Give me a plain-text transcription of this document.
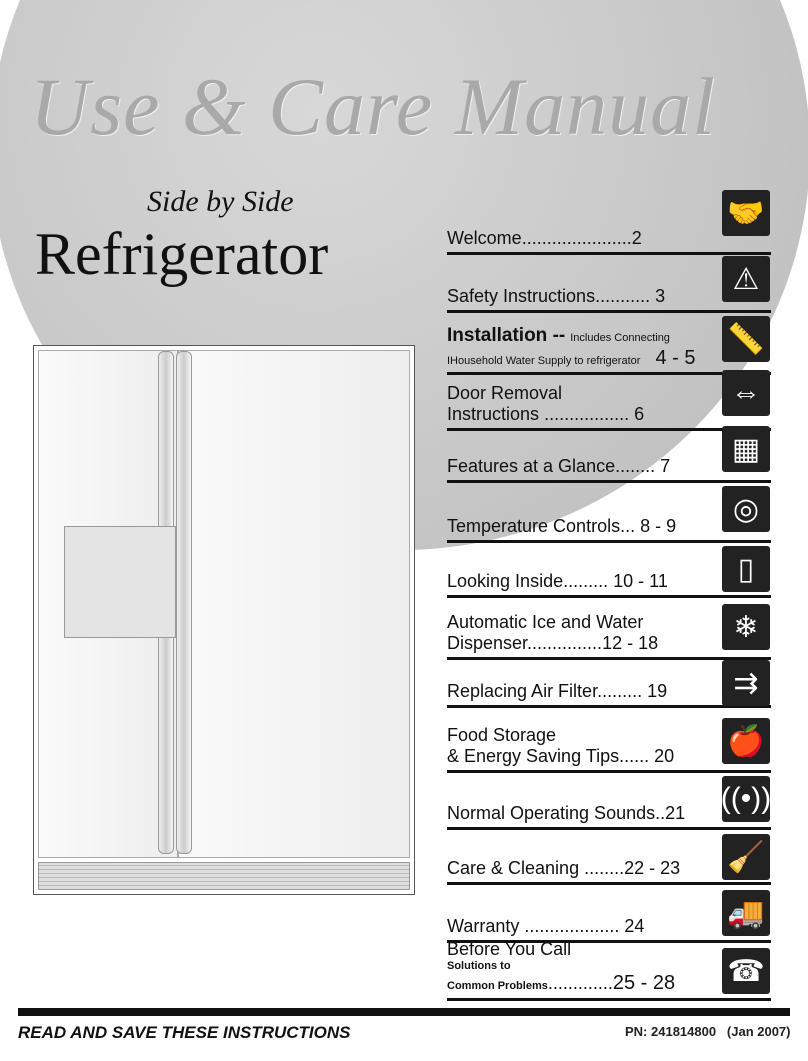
Use & Care Manual
Side by Side
Refrigerator	Welcome......................2
🤝
Safety Instructions........... 3
⚠
Installation -- Includes Connecting
IHousehold Water Supply to refrigerator 4 - 5
📏
Door Removal
Instructions ................. 6
⇔
Features at a Glance........ 7
▦
Temperature Controls... 8 - 9
◎
Looking Inside......... 10 - 11	▯
Automatic Ice and Water
Dispenser...............12 - 18	❄
Replacing Air Filter......... 19	⇉
Food Storage
& Energy Saving Tips...... 20 🍎
Normal Operating Sounds..21 ((•))
Care & Cleaning ........22 - 23 🧹
Warranty ................... 24	🚚
Before You Call
Solutions to
Common Problems.............25 - 28 ☎
READ AND SAVE THESE INSTRUCTIONS	PN: 241814800   (Jan 2007)
